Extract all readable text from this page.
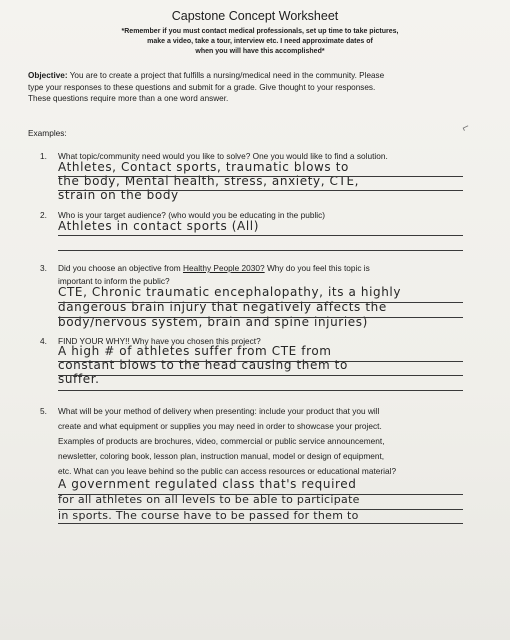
Capstone Concept Worksheet
*Remember if you must contact medical professionals, set up time to take pictures,
make a video, take a tour, interview etc. I need approximate dates of
when you will have this accomplished*
Objective: You are to create a project that fulfills a nursing/medical need in the community. Please
type your responses to these questions and submit for a grade. Give thought to your responses.
These questions require more than a one word answer.
⌐
Examples:
1. What topic/community need would you like to solve? One you would like to find a solution.
Athletes, Contact sports, traumatic blows to
the body, Mental health, stress, anxiety, CTE,
strain on the body
2. Who is your target audience? (who would you be educating in the public)
Athletes in contact sports (All)
3. Did you choose an objective from Healthy People 2030? Why do you feel this topic is
important to inform the public?
CTE, Chronic traumatic encephalopathy, its a highly
dangerous brain injury that negatively affects the
body/nervous system, brain and spine injuries)
4. FIND YOUR WHY!! Why have you chosen this project?
A high # of athletes suffer from CTE from
constant blows to the head causing them to
suffer.
5. What will be your method of delivery when presenting: include your product that you will
create and what equipment or supplies you may need in order to showcase your project.
Examples of products are brochures, video, commercial or public service announcement,
newsletter, coloring book, lesson plan, instruction manual, model or design of equipment,
etc. What can you leave behind so the public can access resources or educational material?
A government regulated class that's required
for all athletes on all levels to be able to participate
in sports. The course have to be passed for them to
